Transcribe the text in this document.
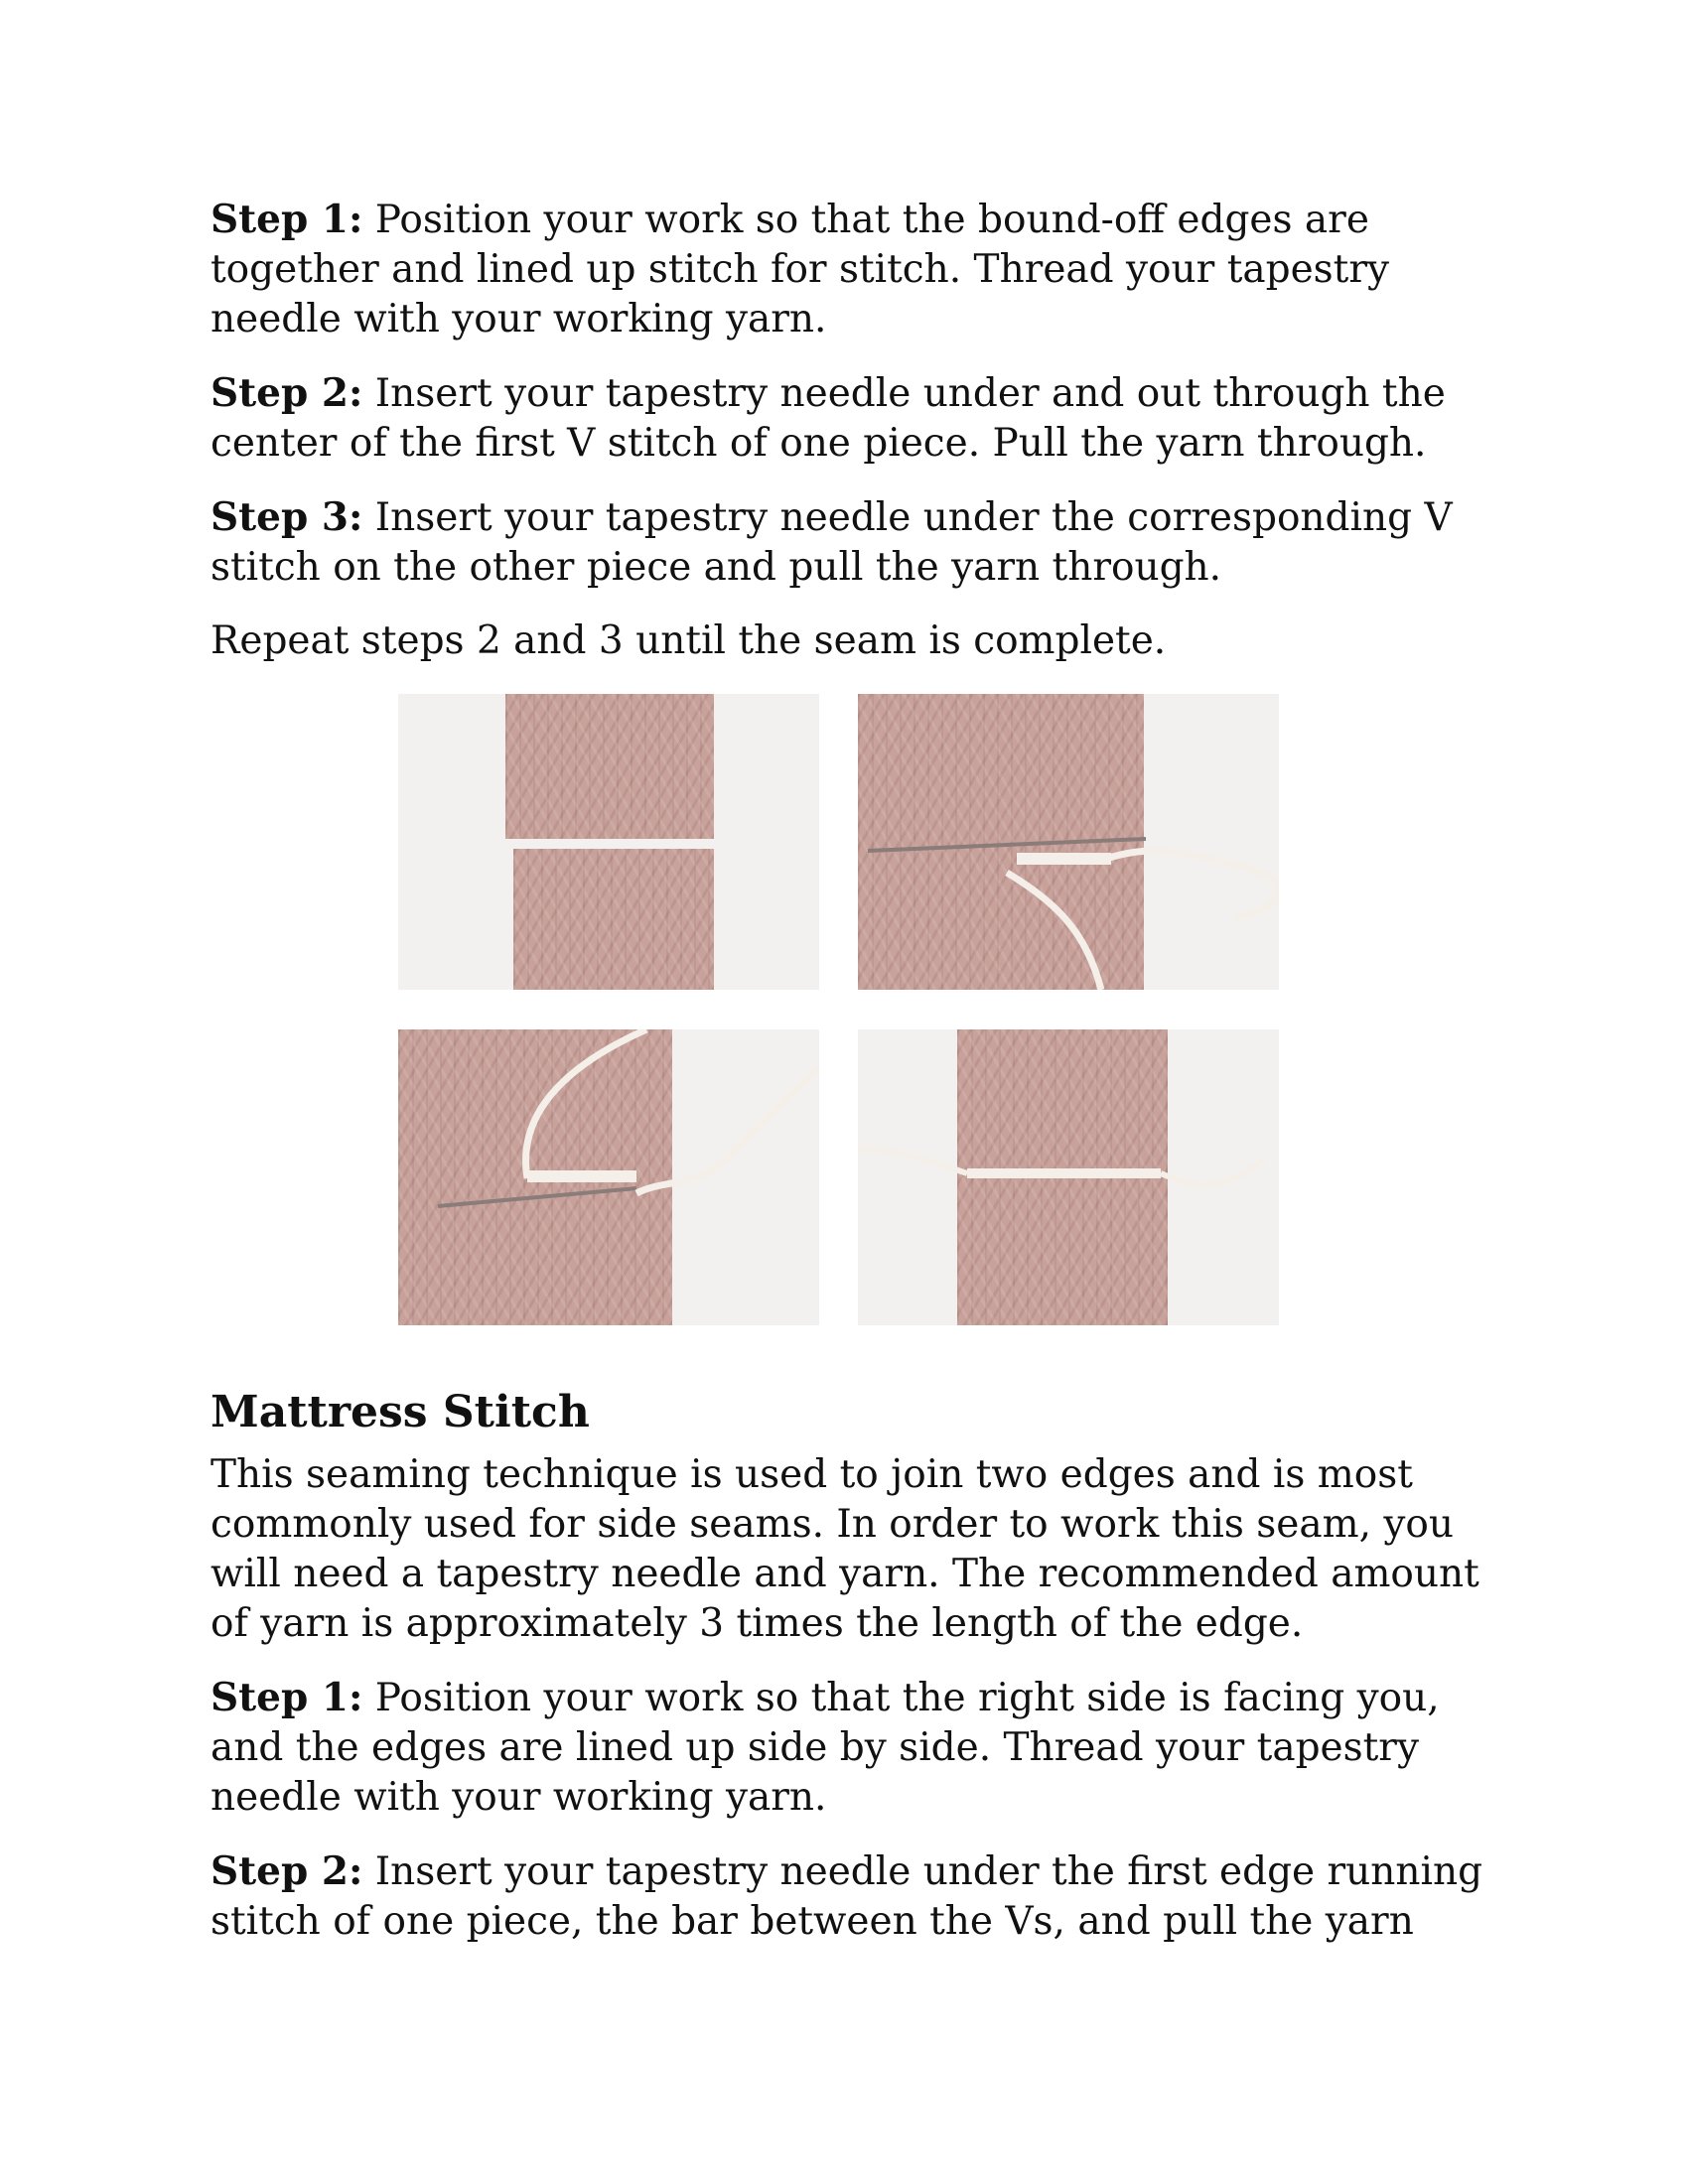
Step 1: Position your work so that the bound-off edges are together and lined up stitch for stitch. Thread your tapestry needle with your working yarn.

Step 2: Insert your tapestry needle under and out through the center of the first V stitch of one piece. Pull the yarn through.

Step 3: Insert your tapestry needle under the corresponding V stitch on the other piece and pull the yarn through.

Repeat steps 2 and 3 until the seam is complete.

Mattress Stitch

This seaming technique is used to join two edges and is most commonly used for side seams. In order to work this seam, you will need a tapestry needle and yarn. The recommended amount of yarn is approximately 3 times the length of the edge.

Step 1: Position your work so that the right side is facing you, and the edges are lined up side by side. Thread your tapestry needle with your working yarn.

Step 2: Insert your tapestry needle under the first edge running stitch of one piece, the bar between the Vs, and pull the yarn
